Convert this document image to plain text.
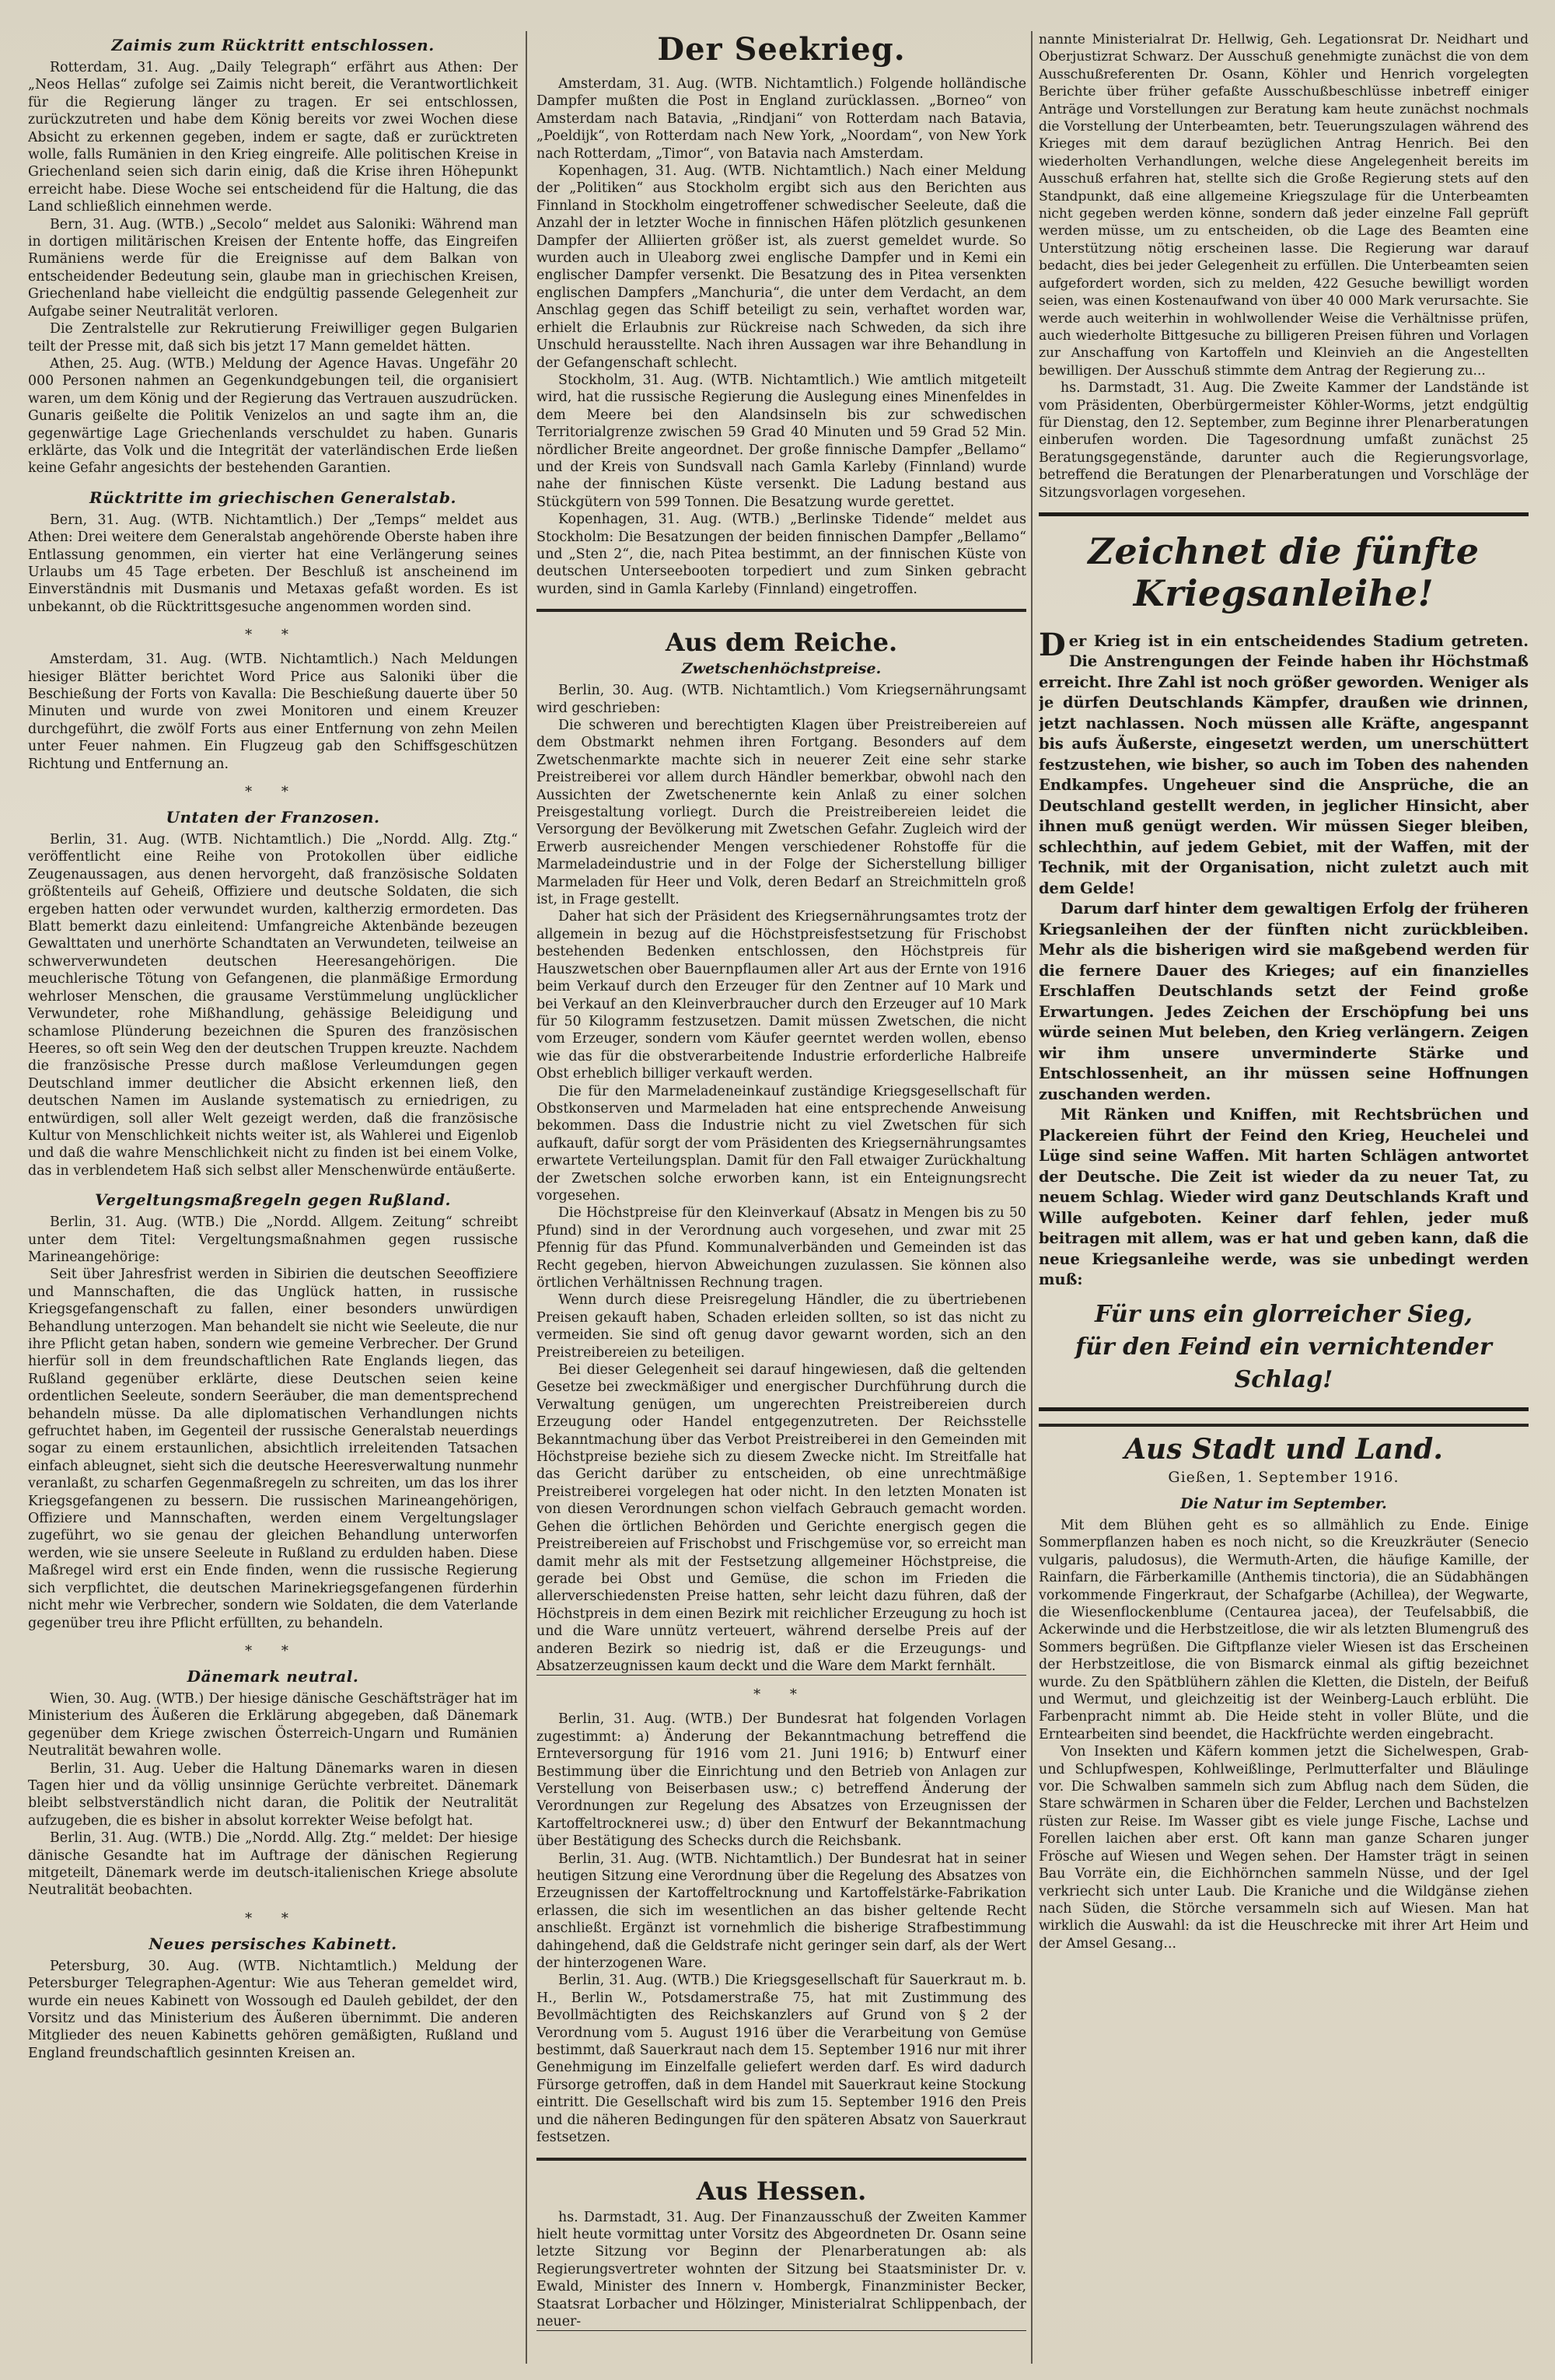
Zaimis zum Rücktritt entschlossen.

Rotterdam, 31. Aug. „Daily Telegraph“ erfährt aus Athen: Der „Neos Hellas“ zufolge sei Zaimis nicht bereit, die Verantwortlichkeit für die Regierung länger zu tragen. Er sei entschlossen, zurückzutreten und habe dem König bereits vor zwei Wochen diese Absicht zu erkennen gegeben, indem er sagte, daß er zurücktreten wolle, falls Rumänien in den Krieg eingreife. Alle politischen Kreise in Griechenland seien sich darin einig, daß die Krise ihren Höhepunkt erreicht habe. Diese Woche sei entscheidend für die Haltung, die das Land schließlich einnehmen werde.

Bern, 31. Aug. (WTB.) „Secolo“ meldet aus Saloniki: Während man in dortigen militärischen Kreisen der Entente hoffe, das Eingreifen Rumäniens werde für die Ereignisse auf dem Balkan von entscheidender Bedeutung sein, glaube man in griechischen Kreisen, Griechenland habe vielleicht die endgültig passende Gelegenheit zur Aufgabe seiner Neutralität verloren.

Die Zentralstelle zur Rekrutierung Freiwilliger gegen Bulgarien teilt der Presse mit, daß sich bis jetzt 17 Mann gemeldet hätten.

Athen, 25. Aug. (WTB.) Meldung der Agence Havas. Ungefähr 20 000 Personen nahmen an Gegenkundgebungen teil, die organisiert waren, um dem König und der Regierung das Vertrauen auszudrücken. Gunaris geißelte die Politik Venizelos an und sagte ihm an, die gegenwärtige Lage Griechenlands verschuldet zu haben. Gunaris erklärte, das Volk und die Integrität der vaterländischen Erde ließen keine Gefahr angesichts der bestehenden Garantien.

Rücktritte im griechischen Generalstab.

Bern, 31. Aug. (WTB. Nichtamtlich.) Der „Temps“ meldet aus Athen: Drei weitere dem Generalstab angehörende Oberste haben ihre Entlassung genommen, ein vierter hat eine Verlängerung seines Urlaubs um 45 Tage erbeten. Der Beschluß ist anscheinend im Einverständnis mit Dusmanis und Metaxas gefaßt worden. Es ist unbekannt, ob die Rücktrittsgesuche angenommen worden sind.

* *

Amsterdam, 31. Aug. (WTB. Nichtamtlich.) Nach Meldungen hiesiger Blätter berichtet Word Price aus Saloniki über die Beschießung der Forts von Kavalla: Die Beschießung dauerte über 50 Minuten und wurde von zwei Monitoren und einem Kreuzer durchgeführt, die zwölf Forts aus einer Entfernung von zehn Meilen unter Feuer nahmen. Ein Flugzeug gab den Schiffsgeschützen Richtung und Entfernung an.

* *
Untaten der Franzosen.

Berlin, 31. Aug. (WTB. Nichtamtlich.) Die „Nordd. Allg. Ztg.“ veröffentlicht eine Reihe von Protokollen über eidliche Zeugenaussagen, aus denen hervorgeht, daß französische Soldaten größtenteils auf Geheiß, Offiziere und deutsche Soldaten, die sich ergeben hatten oder verwundet wurden, kaltherzig ermordeten. Das Blatt bemerkt dazu einleitend: Umfangreiche Aktenbände bezeugen Gewalttaten und unerhörte Schandtaten an Verwundeten, teilweise an schwerverwundeten deutschen Heeresangehörigen. Die meuchlerische Tötung von Gefangenen, die planmäßige Ermordung wehrloser Menschen, die grausame Verstümmelung unglücklicher Verwundeter, rohe Mißhandlung, gehässige Beleidigung und schamlose Plünderung bezeichnen die Spuren des französischen Heeres, so oft sein Weg den der deutschen Truppen kreuzte. Nachdem die französische Presse durch maßlose Verleumdungen gegen Deutschland immer deutlicher die Absicht erkennen ließ, den deutschen Namen im Auslande systematisch zu erniedrigen, zu entwürdigen, soll aller Welt gezeigt werden, daß die französische Kultur von Menschlichkeit nichts weiter ist, als Wahlerei und Eigenlob und daß die wahre Menschlichkeit nicht zu finden ist bei einem Volke, das in verblendetem Haß sich selbst aller Menschenwürde entäußerte.

Vergeltungsmaßregeln gegen Rußland.

Berlin, 31. Aug. (WTB.) Die „Nordd. Allgem. Zeitung“ schreibt unter dem Titel: Vergeltungsmaßnahmen gegen russische Marineangehörige:

Seit über Jahresfrist werden in Sibirien die deutschen Seeoffiziere und Mannschaften, die das Unglück hatten, in russische Kriegsgefangenschaft zu fallen, einer besonders unwürdigen Behandlung unterzogen. Man behandelt sie nicht wie Seeleute, die nur ihre Pflicht getan haben, sondern wie gemeine Verbrecher. Der Grund hierfür soll in dem freundschaftlichen Rate Englands liegen, das Rußland gegenüber erklärte, diese Deutschen seien keine ordentlichen Seeleute, sondern Seeräuber, die man dementsprechend behandeln müsse. Da alle diplomatischen Verhandlungen nichts gefruchtet haben, im Gegenteil der russische Generalstab neuerdings sogar zu einem erstaunlichen, absichtlich irreleitenden Tatsachen einfach ableugnet, sieht sich die deutsche Heeresverwaltung nunmehr veranlaßt, zu scharfen Gegenmaßregeln zu schreiten, um das los ihrer Kriegsgefangenen zu bessern. Die russischen Marineangehörigen, Offiziere und Mannschaften, werden einem Vergeltungslager zugeführt, wo sie genau der gleichen Behandlung unterworfen werden, wie sie unsere Seeleute in Rußland zu erdulden haben. Diese Maßregel wird erst ein Ende finden, wenn die russische Regierung sich verpflichtet, die deutschen Marinekriegsgefangenen fürderhin nicht mehr wie Verbrecher, sondern wie Soldaten, die dem Vaterlande gegenüber treu ihre Pflicht erfüllten, zu behandeln.

* *
Dänemark neutral.

Wien, 30. Aug. (WTB.) Der hiesige dänische Geschäftsträger hat im Ministerium des Äußeren die Erklärung abgegeben, daß Dänemark gegenüber dem Kriege zwischen Österreich-Ungarn und Rumänien Neutralität bewahren wolle.

Berlin, 31. Aug. Ueber die Haltung Dänemarks waren in diesen Tagen hier und da völlig unsinnige Gerüchte verbreitet. Dänemark bleibt selbstverständlich nicht daran, die Politik der Neutralität aufzugeben, die es bisher in absolut korrekter Weise befolgt hat.

Berlin, 31. Aug. (WTB.) Die „Nordd. Allg. Ztg.“ meldet: Der hiesige dänische Gesandte hat im Auftrage der dänischen Regierung mitgeteilt, Dänemark werde im deutsch-italienischen Kriege absolute Neutralität beobachten.

* *
Neues persisches Kabinett.

Petersburg, 30. Aug. (WTB. Nichtamtlich.) Meldung der Petersburger Telegraphen-Agentur: Wie aus Teheran gemeldet wird, wurde ein neues Kabinett von Wossough ed Dauleh gebildet, der den Vorsitz und das Ministerium des Äußeren übernimmt. Die anderen Mitglieder des neuen Kabinetts gehören gemäßigten, Rußland und England freundschaftlich gesinnten Kreisen an.

Der Seekrieg.

Amsterdam, 31. Aug. (WTB. Nichtamtlich.) Folgende holländische Dampfer mußten die Post in England zurücklassen. „Borneo“ von Amsterdam nach Batavia, „Rindjani“ von Rotterdam nach Batavia, „Poeldijk“, von Rotterdam nach New York, „Noordam“, von New York nach Rotterdam, „Timor“, von Batavia nach Amsterdam.

Kopenhagen, 31. Aug. (WTB. Nichtamtlich.) Nach einer Meldung der „Politiken“ aus Stockholm ergibt sich aus den Berichten aus Finnland in Stockholm eingetroffener schwedischer Seeleute, daß die Anzahl der in letzter Woche in finnischen Häfen plötzlich gesunkenen Dampfer der Alliierten größer ist, als zuerst gemeldet wurde. So wurden auch in Uleaborg zwei englische Dampfer und in Kemi ein englischer Dampfer versenkt. Die Besatzung des in Pitea versenkten englischen Dampfers „Manchuria“, die unter dem Verdacht, an dem Anschlag gegen das Schiff beteiligt zu sein, verhaftet worden war, erhielt die Erlaubnis zur Rückreise nach Schweden, da sich ihre Unschuld herausstellte. Nach ihren Aussagen war ihre Behandlung in der Gefangenschaft schlecht.

Stockholm, 31. Aug. (WTB. Nichtamtlich.) Wie amtlich mitgeteilt wird, hat die russische Regierung die Auslegung eines Minenfeldes in dem Meere bei den Alandsinseln bis zur schwedischen Territorialgrenze zwischen 59 Grad 40 Minuten und 59 Grad 52 Min. nördlicher Breite angeordnet. Der große finnische Dampfer „Bellamo“ und der Kreis von Sundsvall nach Gamla Karleby (Finnland) wurde nahe der finnischen Küste versenkt. Die Ladung bestand aus Stückgütern von 599 Tonnen. Die Besatzung wurde gerettet.

Kopenhagen, 31. Aug. (WTB.) „Berlinske Tidende“ meldet aus Stockholm: Die Besatzungen der beiden finnischen Dampfer „Bellamo“ und „Sten 2“, die, nach Pitea bestimmt, an der finnischen Küste von deutschen Unterseebooten torpediert und zum Sinken gebracht wurden, sind in Gamla Karleby (Finnland) eingetroffen.

Aus dem Reiche.
Zwetschenhöchstpreise.

Berlin, 30. Aug. (WTB. Nichtamtlich.) Vom Kriegsernährungsamt wird geschrieben:

Die schweren und berechtigten Klagen über Preistreibereien auf dem Obstmarkt nehmen ihren Fortgang. Besonders auf dem Zwetschenmarkte machte sich in neuerer Zeit eine sehr starke Preistreiberei vor allem durch Händler bemerkbar, obwohl nach den Aussichten der Zwetschenernte kein Anlaß zu einer solchen Preisgestaltung vorliegt. Durch die Preistreibereien leidet die Versorgung der Bevölkerung mit Zwetschen Gefahr. Zugleich wird der Erwerb ausreichender Mengen verschiedener Rohstoffe für die Marmeladeindustrie und in der Folge der Sicherstellung billiger Marmeladen für Heer und Volk, deren Bedarf an Streichmitteln groß ist, in Frage gestellt.

Daher hat sich der Präsident des Kriegsernährungsamtes trotz der allgemein in bezug auf die Höchstpreisfestsetzung für Frischobst bestehenden Bedenken entschlossen, den Höchstpreis für Hauszwetschen ober Bauernpflaumen aller Art aus der Ernte von 1916 beim Verkauf durch den Erzeuger für den Zentner auf 10 Mark und bei Verkauf an den Kleinverbraucher durch den Erzeuger auf 10 Mark für 50 Kilogramm festzusetzen. Damit müssen Zwetschen, die nicht vom Erzeuger, sondern vom Käufer geerntet werden wollen, ebenso wie das für die obstverarbeitende Industrie erforderliche Halbreife Obst erheblich billiger verkauft werden.

Die für den Marmeladeneinkauf zuständige Kriegsgesellschaft für Obstkonserven und Marmeladen hat eine entsprechende Anweisung bekommen. Dass die Industrie nicht zu viel Zwetschen für sich aufkauft, dafür sorgt der vom Präsidenten des Kriegsernährungsamtes erwartete Verteilungsplan. Damit für den Fall etwaiger Zurückhaltung der Zwetschen solche erworben kann, ist ein Enteignungsrecht vorgesehen.

Die Höchstpreise für den Kleinverkauf (Absatz in Mengen bis zu 50 Pfund) sind in der Verordnung auch vorgesehen, und zwar mit 25 Pfennig für das Pfund. Kommunalverbänden und Gemeinden ist das Recht gegeben, hiervon Abweichungen zuzulassen. Sie können also örtlichen Verhältnissen Rechnung tragen.

Wenn durch diese Preisregelung Händler, die zu übertriebenen Preisen gekauft haben, Schaden erleiden sollten, so ist das nicht zu vermeiden. Sie sind oft genug davor gewarnt worden, sich an den Preistreibereien zu beteiligen.

Bei dieser Gelegenheit sei darauf hingewiesen, daß die geltenden Gesetze bei zweckmäßiger und energischer Durchführung durch die Verwaltung genügen, um ungerechten Preistreibereien durch Erzeugung oder Handel entgegenzutreten. Der Reichsstelle Bekanntmachung über das Verbot Preistreiberei in den Gemeinden mit Höchstpreise beziehe sich zu diesem Zwecke nicht. Im Streitfalle hat das Gericht darüber zu entscheiden, ob eine unrechtmäßige Preistreiberei vorgelegen hat oder nicht. In den letzten Monaten ist von diesen Verordnungen schon vielfach Gebrauch gemacht worden. Gehen die örtlichen Behörden und Gerichte energisch gegen die Preistreibereien auf Frischobst und Frischgemüse vor, so erreicht man damit mehr als mit der Festsetzung allgemeiner Höchstpreise, die gerade bei Obst und Gemüse, die schon im Frieden die allerverschiedensten Preise hatten, sehr leicht dazu führen, daß der Höchstpreis in dem einen Bezirk mit reichlicher Erzeugung zu hoch ist und die Ware unnütz verteuert, während derselbe Preis auf der anderen Bezirk so niedrig ist, daß er die Erzeugungs- und Absatzerzeugnissen kaum deckt und die Ware dem Markt fernhält.

* *

Berlin, 31. Aug. (WTB.) Der Bundesrat hat folgenden Vorlagen zugestimmt: a) Änderung der Bekanntmachung betreffend die Ernteversorgung für 1916 vom 21. Juni 1916; b) Entwurf einer Bestimmung über die Einrichtung und den Betrieb von Anlagen zur Verstellung von Beiserbasen usw.; c) betreffend Änderung der Verordnungen zur Regelung des Absatzes von Erzeugnissen der Kartoffeltrocknerei usw.; d) über den Entwurf der Bekanntmachung über Bestätigung des Schecks durch die Reichsbank.

Berlin, 31. Aug. (WTB. Nichtamtlich.) Der Bundesrat hat in seiner heutigen Sitzung eine Verordnung über die Regelung des Absatzes von Erzeugnissen der Kartoffeltrocknung und Kartoffelstärke-Fabrikation erlassen, die sich im wesentlichen an das bisher geltende Recht anschließt. Ergänzt ist vornehmlich die bisherige Strafbestimmung dahingehend, daß die Geldstrafe nicht geringer sein darf, als der Wert der hinterzogenen Ware.

Berlin, 31. Aug. (WTB.) Die Kriegsgesellschaft für Sauerkraut m. b. H., Berlin W., Potsdamerstraße 75, hat mit Zustimmung des Bevollmächtigten des Reichskanzlers auf Grund von § 2 der Verordnung vom 5. August 1916 über die Verarbeitung von Gemüse bestimmt, daß Sauerkraut nach dem 15. September 1916 nur mit ihrer Genehmigung im Einzelfalle geliefert werden darf. Es wird dadurch Fürsorge getroffen, daß in dem Handel mit Sauerkraut keine Stockung eintritt. Die Gesellschaft wird bis zum 15. September 1916 den Preis und die näheren Bedingungen für den späteren Absatz von Sauerkraut festsetzen.

Aus Hessen.

hs. Darmstadt, 31. Aug. Der Finanzausschuß der Zweiten Kammer hielt heute vormittag unter Vorsitz des Abgeordneten Dr. Osann seine letzte Sitzung vor Beginn der Plenarberatungen ab: als Regierungsvertreter wohnten der Sitzung bei Staatsminister Dr. v. Ewald, Minister des Innern v. Hombergk, Finanzminister Becker, Staatsrat Lorbacher und Hölzinger, Ministerialrat Schlippenbach, der neuer-

nannte Ministerialrat Dr. Hellwig, Geh. Legationsrat Dr. Neidhart und Oberjustizrat Schwarz. Der Ausschuß genehmigte zunächst die von dem Ausschußreferenten Dr. Osann, Köhler und Henrich vorgelegten Berichte über früher gefaßte Ausschußbeschlüsse inbetreff einiger Anträge und Vorstellungen zur Beratung kam heute zunächst nochmals die Vorstellung der Unterbeamten, betr. Teuerungszulagen während des Krieges mit dem darauf bezüglichen Antrag Henrich. Bei den wiederholten Verhandlungen, welche diese Angelegenheit bereits im Ausschuß erfahren hat, stellte sich die Große Regierung stets auf den Standpunkt, daß eine allgemeine Kriegszulage für die Unterbeamten nicht gegeben werden könne, sondern daß jeder einzelne Fall geprüft werden müsse, um zu entscheiden, ob die Lage des Beamten eine Unterstützung nötig erscheinen lasse. Die Regierung war darauf bedacht, dies bei jeder Gelegenheit zu erfüllen. Die Unterbeamten seien aufgefordert worden, sich zu melden, 422 Gesuche bewilligt worden seien, was einen Kostenaufwand von über 40 000 Mark verursachte. Sie werde auch weiterhin in wohlwollender Weise die Verhältnisse prüfen, auch wiederholte Bittgesuche zu billigeren Preisen führen und Vorlagen zur Anschaffung von Kartoffeln und Kleinvieh an die Angestellten bewilligen. Der Ausschuß stimmte dem Antrag der Regierung zu...

hs. Darmstadt, 31. Aug. Die Zweite Kammer der Landstände ist vom Präsidenten, Oberbürgermeister Köhler-Worms, jetzt endgültig für Dienstag, den 12. September, zum Beginne ihrer Plenarberatungen einberufen worden. Die Tagesordnung umfaßt zunächst 25 Beratungsgegenstände, darunter auch die Regierungsvorlage, betreffend die Beratungen der Plenarberatungen und Vorschläge der Sitzungsvorlagen vorgesehen.

Zeichnet die fünfte Kriegsanleihe!

Der Krieg ist in ein entscheidendes Stadium getreten. Die Anstrengungen der Feinde haben ihr Höchstmaß erreicht. Ihre Zahl ist noch größer geworden. Weniger als je dürfen Deutschlands Kämpfer, draußen wie drinnen, jetzt nachlassen. Noch müssen alle Kräfte, angespannt bis aufs Äußerste, eingesetzt werden, um unerschüttert festzustehen, wie bisher, so auch im Toben des nahenden Endkampfes. Ungeheuer sind die Ansprüche, die an Deutschland gestellt werden, in jeglicher Hinsicht, aber ihnen muß genügt werden. Wir müssen Sieger bleiben, schlechthin, auf jedem Gebiet, mit der Waffen, mit der Technik, mit der Organisation, nicht zuletzt auch mit dem Gelde!

Darum darf hinter dem gewaltigen Erfolg der früheren Kriegsanleihen der der fünften nicht zurückbleiben. Mehr als die bisherigen wird sie maßgebend werden für die fernere Dauer des Krieges; auf ein finanzielles Erschlaffen Deutschlands setzt der Feind große Erwartungen. Jedes Zeichen der Erschöpfung bei uns würde seinen Mut beleben, den Krieg verlängern. Zeigen wir ihm unsere unverminderte Stärke und Entschlossenheit, an ihr müssen seine Hoffnungen zuschanden werden.

Mit Ränken und Kniffen, mit Rechtsbrüchen und Plackereien führt der Feind den Krieg, Heuchelei und Lüge sind seine Waffen. Mit harten Schlägen antwortet der Deutsche. Die Zeit ist wieder da zu neuer Tat, zu neuem Schlag. Wieder wird ganz Deutschlands Kraft und Wille aufgeboten. Keiner darf fehlen, jeder muß beitragen mit allem, was er hat und geben kann, daß die neue Kriegsanleihe werde, was sie unbedingt werden muß:

Für uns ein glorreicher Sieg,
für den Feind ein vernichtender Schlag!
Aus Stadt und Land.
Gießen, 1. September 1916.
Die Natur im September.

Mit dem Blühen geht es so allmählich zu Ende. Einige Sommerpflanzen haben es noch nicht, so die Kreuzkräuter (Senecio vulgaris, paludosus), die Wermuth-Arten, die häufige Kamille, der Rainfarn, die Färberkamille (Anthemis tinctoria), die an Südabhängen vorkommende Fingerkraut, der Schafgarbe (Achillea), der Wegwarte, die Wiesenflockenblume (Centaurea jacea), der Teufelsabbiß, die Ackerwinde und die Herbstzeitlose, die wir als letzten Blumengruß des Sommers begrüßen. Die Giftpflanze vieler Wiesen ist das Erscheinen der Herbstzeitlose, die von Bismarck einmal als giftig bezeichnet wurde. Zu den Spätblühern zählen die Kletten, die Disteln, der Beifuß und Wermut, und gleichzeitig ist der Weinberg-Lauch erblüht. Die Farbenpracht nimmt ab. Die Heide steht in voller Blüte, und die Erntearbeiten sind beendet, die Hackfrüchte werden eingebracht.

Von Insekten und Käfern kommen jetzt die Sichelwespen, Grab- und Schlupfwespen, Kohlweißlinge, Perlmutterfalter und Bläulinge vor. Die Schwalben sammeln sich zum Abflug nach dem Süden, die Stare schwärmen in Scharen über die Felder, Lerchen und Bachstelzen rüsten zur Reise. Im Wasser gibt es viele junge Fische, Lachse und Forellen laichen aber erst. Oft kann man ganze Scharen junger Frösche auf Wiesen und Wegen sehen. Der Hamster trägt in seinen Bau Vorräte ein, die Eichhörnchen sammeln Nüsse, und der Igel verkriecht sich unter Laub. Die Kraniche und die Wildgänse ziehen nach Süden, die Störche versammeln sich auf Wiesen. Man hat wirklich die Auswahl: da ist die Heuschrecke mit ihrer Art Heim und der Amsel Gesang...
